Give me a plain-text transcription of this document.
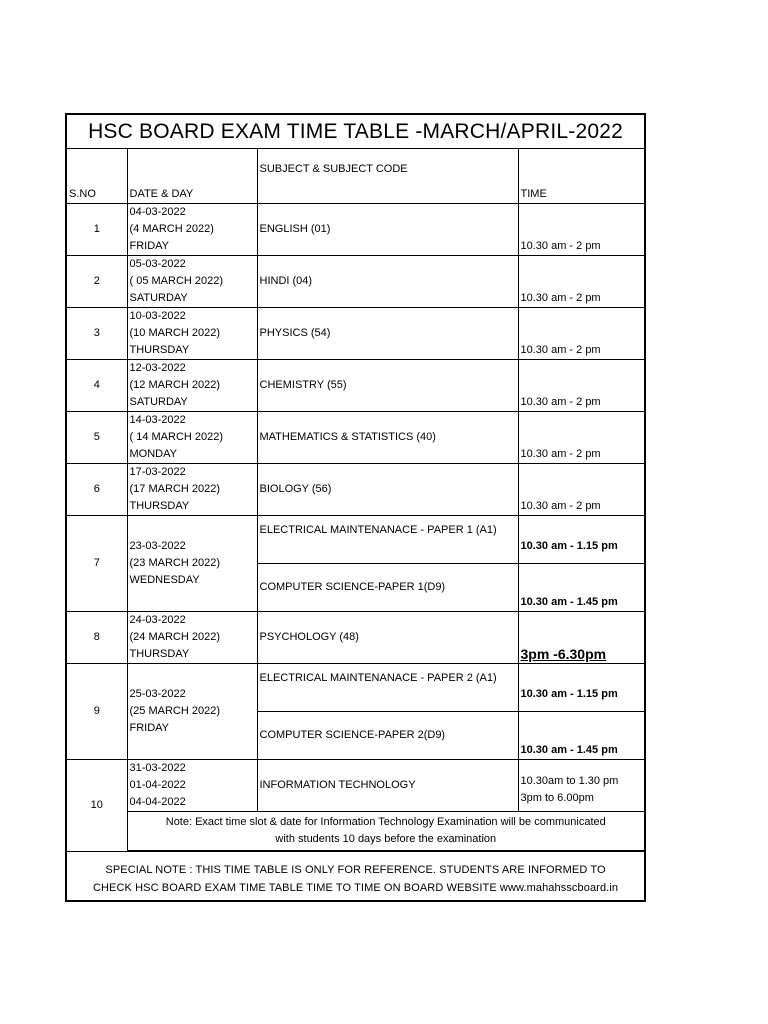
HSC BOARD EXAM TIME TABLE -MARCH/APRIL-2022			
S.NO	DATE & DAY	SUBJECT & SUBJECT CODE	TIME
1	04-03-2022
(4 MARCH 2022)
FRIDAY	ENGLISH (01)	10.30 am - 2 pm
2	05-03-2022
( 05 MARCH 2022)
SATURDAY	HINDI (04)	10.30 am - 2 pm
3	10-03-2022
(10 MARCH 2022)
THURSDAY	PHYSICS (54)	10.30 am - 2 pm
4	12-03-2022
(12 MARCH 2022)
SATURDAY	CHEMISTRY (55)	10.30 am - 2 pm
5	14-03-2022
( 14 MARCH 2022)
MONDAY	MATHEMATICS & STATISTICS (40)	10.30 am - 2 pm
6	17-03-2022
(17 MARCH 2022)
THURSDAY	BIOLOGY (56)	10.30 am - 2 pm
7	23-03-2022
(23 MARCH 2022)
WEDNESDAY	ELECTRICAL MAINTENANACE - PAPER 1 (A1)	10.30 am - 1.15 pm
		COMPUTER SCIENCE-PAPER 1(D9)	10.30 am - 1.45 pm
8	24-03-2022
(24 MARCH 2022)
THURSDAY	PSYCHOLOGY (48)	3pm -6.30pm
9	25-03-2022
(25 MARCH 2022)
FRIDAY	ELECTRICAL MAINTENANACE - PAPER 2 (A1)	10.30 am - 1.15 pm
		COMPUTER SCIENCE-PAPER 2(D9)	10.30 am - 1.45 pm
10	31-03-2022
01-04-2022
04-04-2022	INFORMATION TECHNOLOGY	10.30am to 1.30 pm
3pm to 6.00pm

	Note: Exact time slot & date for Information Technology Examination will be communicated with students 10 days before the examination		
SPECIAL NOTE : THIS TIME TABLE IS ONLY FOR REFERENCE. STUDENTS ARE INFORMED TO CHECK HSC BOARD EXAM TIME TABLE TIME TO TIME ON BOARD WEBSITE www.mahahsscboard.in			
